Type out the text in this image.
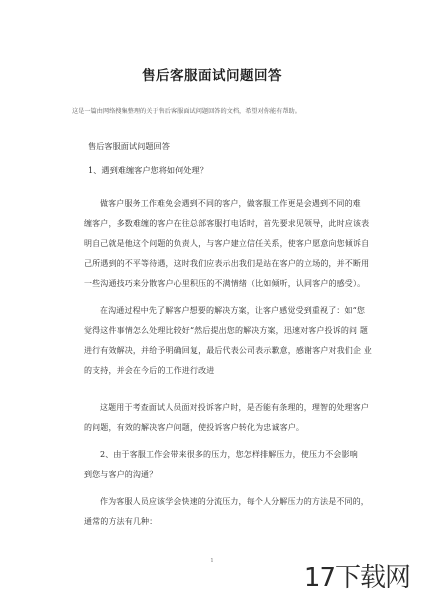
售后客服面试问题回答
这是一篇由网络搜集整理的关于售后客服面试问题回答的文档，希望对你能有帮助。
售后客服面试问题回答
1、遇到难缠客户您将如何处理？
做客户服务工作难免会遇到不同的客户，做客服工作更是会遇到不同的难
缠客户，多数难缠的客户在往总部客服打电话时，首先要求见领导，此时应该表
明自己就是他这个问题的负责人，与客户建立信任关系，使客户愿意向您倾诉自
己所遇到的不平等待遇，这时我们应表示出我们是站在客户的立场的，并不断用
一些沟通技巧来分散客户心里积压的不满情绪（比如倾听，认同客户的感受）。
在沟通过程中先了解客户想要的解决方案，让客户感觉受到重视了：如“您
觉得这件事情怎么处理比较好“然后提出您的解决方案，迅速对客户投诉的问 题
进行有效解决，并给予明确回复，最后代表公司表示歉意，感谢客户对我们企 业
的支持，并会在今后的工作进行改进
这题用于考查面试人员面对投诉客户时，是否能有条理的，理智的处理客户
的问题，有效的解决客户问题，使投诉客户转化为忠诚客户。
2、由于客服工作会带来很多的压力，您怎样排解压力，使压力不会影响
到您与客户的沟通？
作为客服人员应该学会快速的分流压力，每个人分解压力的方法是不同的，
通常的方法有几种：
1
17下载网
